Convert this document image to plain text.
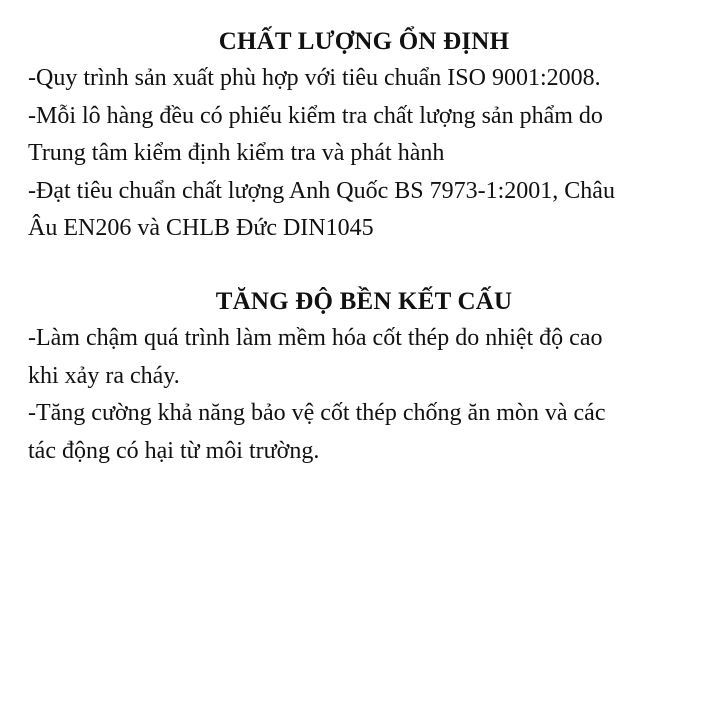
CHẤT LƯỢNG ỔN ĐỊNH

-Quy trình sản xuất phù hợp với tiêu chuẩn ISO 9001:2008.

-Mỗi lô hàng đều có phiếu kiểm tra chất lượng sản phẩm do

Trung tâm kiểm định kiểm tra và phát hành

-Đạt tiêu chuẩn chất lượng Anh Quốc BS 7973-1:2001, Châu

Âu EN206 và CHLB Đức DIN1045

TĂNG ĐỘ BỀN KẾT CẤU

-Làm chậm quá trình làm mềm hóa cốt thép do nhiệt độ cao

khi xảy ra cháy.

-Tăng cường khả năng bảo vệ cốt thép chống ăn mòn và các

tác động có hại từ môi trường.
